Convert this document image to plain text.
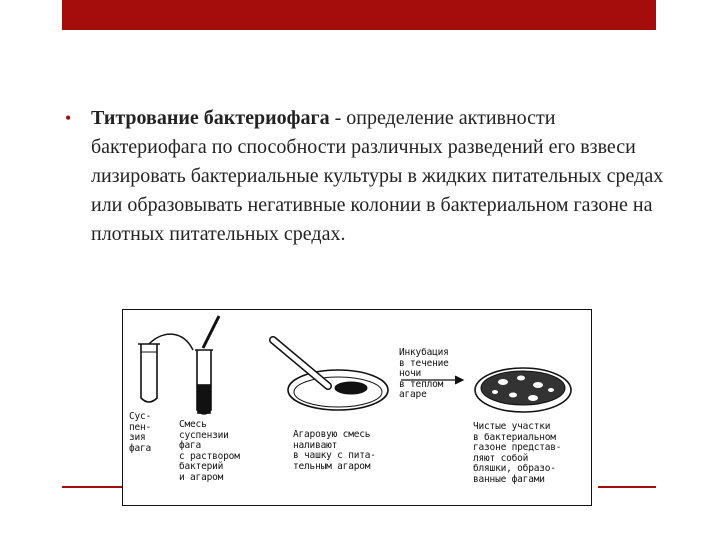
• Титрование бактериофага - определение активности бактериофага по способности различных разведений его взвеси лизировать бактериальные культуры в жидких питательных средах или образовывать негативные колонии в бактериальном газоне на плотных питательных средах.
Сус-
пен-
зия
фага
Смесь
суспензии
фага
с раствором
бактерий
и агаром
Агаровую смесь
наливают
в чашку с пита-
тельным агаром
Инкубация
в течение
ночи
в теплом
агаре
Чистые участки
в бактериальном
газоне представ-
ляют собой
бляшки, образо-
ванные фагами
